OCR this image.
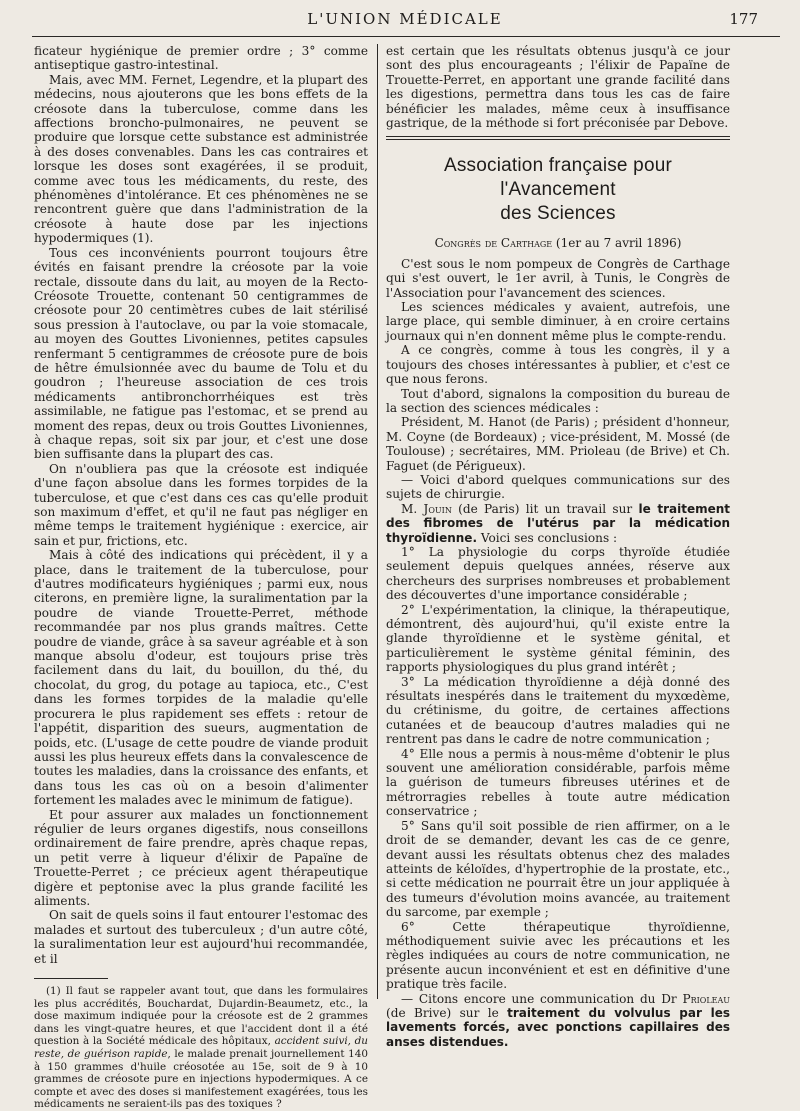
L'UNION MÉDICALE	177

ficateur hygiénique de premier ordre ; 3° comme antiseptique gastro-intestinal.

Mais, avec MM. Fernet, Legendre, et la plupart des médecins, nous ajouterons que les bons effets de la créosote dans la tuberculose, comme dans les affections broncho-pulmonaires, ne peuvent se produire que lorsque cette substance est administrée à des doses convenables. Dans les cas contraires et lorsque les doses sont exagérées, il se produit, comme avec tous les médicaments, du reste, des phénomènes d'intolérance. Et ces phénomènes ne se rencontrent guère que dans l'administration de la créosote à haute dose par les injections hypodermiques (1).

Tous ces inconvénients pourront toujours être évités en faisant prendre la créosote par la voie rectale, dissoute dans du lait, au moyen de la Recto-Créosote Trouette, contenant 50 centigrammes de créosote pour 20 centimètres cubes de lait stérilisé sous pression à l'autoclave, ou par la voie stomacale, au moyen des Gouttes Livoniennes, petites capsules renfermant 5 centigrammes de créosote pure de bois de hêtre émulsionnée avec du baume de Tolu et du goudron ; l'heureuse association de ces trois médicaments antibronchorrhéiques est très assimilable, ne fatigue pas l'estomac, et se prend au moment des repas, deux ou trois Gouttes Livoniennes, à chaque repas, soit six par jour, et c'est une dose bien suffisante dans la plupart des cas.

On n'oubliera pas que la créosote est indiquée d'une façon absolue dans les formes torpides de la tuberculose, et que c'est dans ces cas qu'elle produit son maximum d'effet, et qu'il ne faut pas négliger en même temps le traitement hygiénique : exercice, air sain et pur, frictions, etc.

Mais à côté des indications qui précèdent, il y a place, dans le traitement de la tuberculose, pour d'autres modificateurs hygiéniques ; parmi eux, nous citerons, en première ligne, la suralimentation par la poudre de viande Trouette-Perret, méthode recommandée par nos plus grands maîtres. Cette poudre de viande, grâce à sa saveur agréable et à son manque absolu d'odeur, est toujours prise très facilement dans du lait, du bouillon, du thé, du chocolat, du grog, du potage au tapioca, etc., C'est dans les formes torpides de la maladie qu'elle procurera le plus rapidement ses effets : retour de l'appétit, disparition des sueurs, augmentation de poids, etc. (L'usage de cette poudre de viande produit aussi les plus heureux effets dans la convalescence de toutes les maladies, dans la croissance des enfants, et dans tous les cas où on a besoin d'alimenter fortement les malades avec le minimum de fatigue).

Et pour assurer aux malades un fonctionnement régulier de leurs organes digestifs, nous conseillons ordinairement de faire prendre, après chaque repas, un petit verre à liqueur d'élixir de Papaïne de Trouette-Perret ; ce précieux agent thérapeutique digère et peptonise avec la plus grande facilité les aliments.

On sait de quels soins il faut entourer l'estomac des malades et surtout des tuberculeux ; d'un autre côté, la suralimentation leur est aujourd'hui recommandée, et il

(1) Il faut se rappeler avant tout, que dans les formulaires les plus accrédités, Bouchardat, Dujardin-Beaumetz, etc., la dose maximum indiquée pour la créosote est de 2 grammes dans les vingt-quatre heures, et que l'accident dont il a été question à la Société médicale des hôpitaux, accident suivi, du reste, de guérison rapide, le malade prenait journellement 140 à 150 grammes d'huile créosotée au 15e, soit de 9 à 10 grammes de créosote pure en injections hypodermiques. A ce compte et avec des doses si manifestement exagérées, tous les médicaments ne seraient-ils pas des toxiques ?

est certain que les résultats obtenus jusqu'à ce jour sont des plus encourageants ; l'élixir de Papaïne de Trouette-Perret, en apportant une grande facilité dans les digestions, permettra dans tous les cas de faire bénéficier les malades, même ceux à insuffisance gastrique, de la méthode si fort préconisée par Debove.

Association française pour l'Avancement
des Sciences
Congrès de Carthage (1er au 7 avril 1896)

C'est sous le nom pompeux de Congrès de Carthage qui s'est ouvert, le 1er avril, à Tunis, le Congrès de l'Association pour l'avancement des sciences.

Les sciences médicales y avaient, autrefois, une large place, qui semble diminuer, à en croire certains journaux qui n'en donnent même plus le compte-rendu.

A ce congrès, comme à tous les congrès, il y a toujours des choses intéressantes à publier, et c'est ce que nous ferons.

Tout d'abord, signalons la composition du bureau de la section des sciences médicales :

Président, M. Hanot (de Paris) ; président d'honneur, M. Coyne (de Bordeaux) ; vice-président, M. Mossé (de Toulouse) ; secrétaires, MM. Prioleau (de Brive) et Ch. Faguet (de Périgueux).

— Voici d'abord quelques communications sur des sujets de chirurgie.

M. Jouin (de Paris) lit un travail sur le traitement des fibromes de l'utérus par la médication thyroïdienne. Voici ses conclusions :

1° La physiologie du corps thyroïde étudiée seulement depuis quelques années, réserve aux chercheurs des surprises nombreuses et probablement des découvertes d'une importance considérable ;

2° L'expérimentation, la clinique, la thérapeutique, démontrent, dès aujourd'hui, qu'il existe entre la glande thyroïdienne et le système génital, et particulièrement le système génital féminin, des rapports physiologiques du plus grand intérêt ;

3° La médication thyroïdienne a déjà donné des résultats inespérés dans le traitement du myxœdème, du crétinisme, du goitre, de certaines affections cutanées et de beaucoup d'autres maladies qui ne rentrent pas dans le cadre de notre communication ;

4° Elle nous a permis à nous-même d'obtenir le plus souvent une amélioration considérable, parfois même la guérison de tumeurs fibreuses utérines et de métrorragies rebelles à toute autre médication conservatrice ;

5° Sans qu'il soit possible de rien affirmer, on a le droit de se demander, devant les cas de ce genre, devant aussi les résultats obtenus chez des malades atteints de kéloïdes, d'hypertrophie de la prostate, etc., si cette médication ne pourrait être un jour appliquée à des tumeurs d'évolution moins avancée, au traitement du sarcome, par exemple ;

6° Cette thérapeutique thyroïdienne, méthodiquement suivie avec les précautions et les règles indiquées au cours de notre communication, ne présente aucun inconvénient et est en définitive d'une pratique très facile.

— Citons encore une communication du Dr Prioleau (de Brive) sur le traitement du volvulus par les lavements forcés, avec ponctions capillaires des anses distendues.
